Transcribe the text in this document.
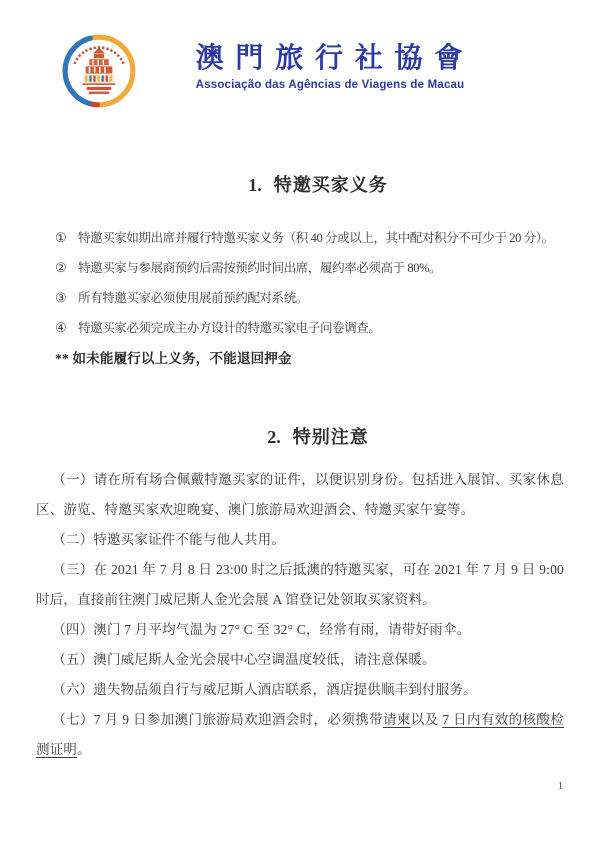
澳 門 旅 行 社 協 會
Associação das Agências de Viagens de Macau
1. 特邀买家义务
① 特邀买家如期出席并履行特邀买家义务（积 40 分或以上，其中配对积分不可少于 20 分）。
② 特邀买家与参展商预约后需按预约时间出席，履约率必须高于 80%。
③ 所有特邀买家必须使用展前预约配对系统。
④ 特邀买家必须完成主办方设计的特邀买家电子问卷调查。
** 如未能履行以上义务，不能退回押金
2. 特别注意

（一）请在所有场合佩戴特邀买家的证件，以便识别身份。包括进入展馆、买家休息区、游览、特邀买家欢迎晚宴、澳门旅游局欢迎酒会、特邀买家午宴等。

（二）特邀买家证件不能与他人共用。

（三）在 2021 年 7 月 8 日 23:00 时之后抵澳的特邀买家，可在 2021 年 7 月 9 日 9:00 时后，直接前往澳门威尼斯人金光会展 A 馆登记处领取买家资料。

（四）澳门 7 月平均气温为 27° C 至 32° C，经常有雨，请带好雨伞。

（五）澳门威尼斯人金光会展中心空调温度较低，请注意保暖。

（六）遗失物品须自行与威尼斯人酒店联系，酒店提供顺丰到付服务。

（七）7 月 9 日参加澳门旅游局欢迎酒会时，必须携带请柬以及 7 日内有效的核酸检测证明。

1
